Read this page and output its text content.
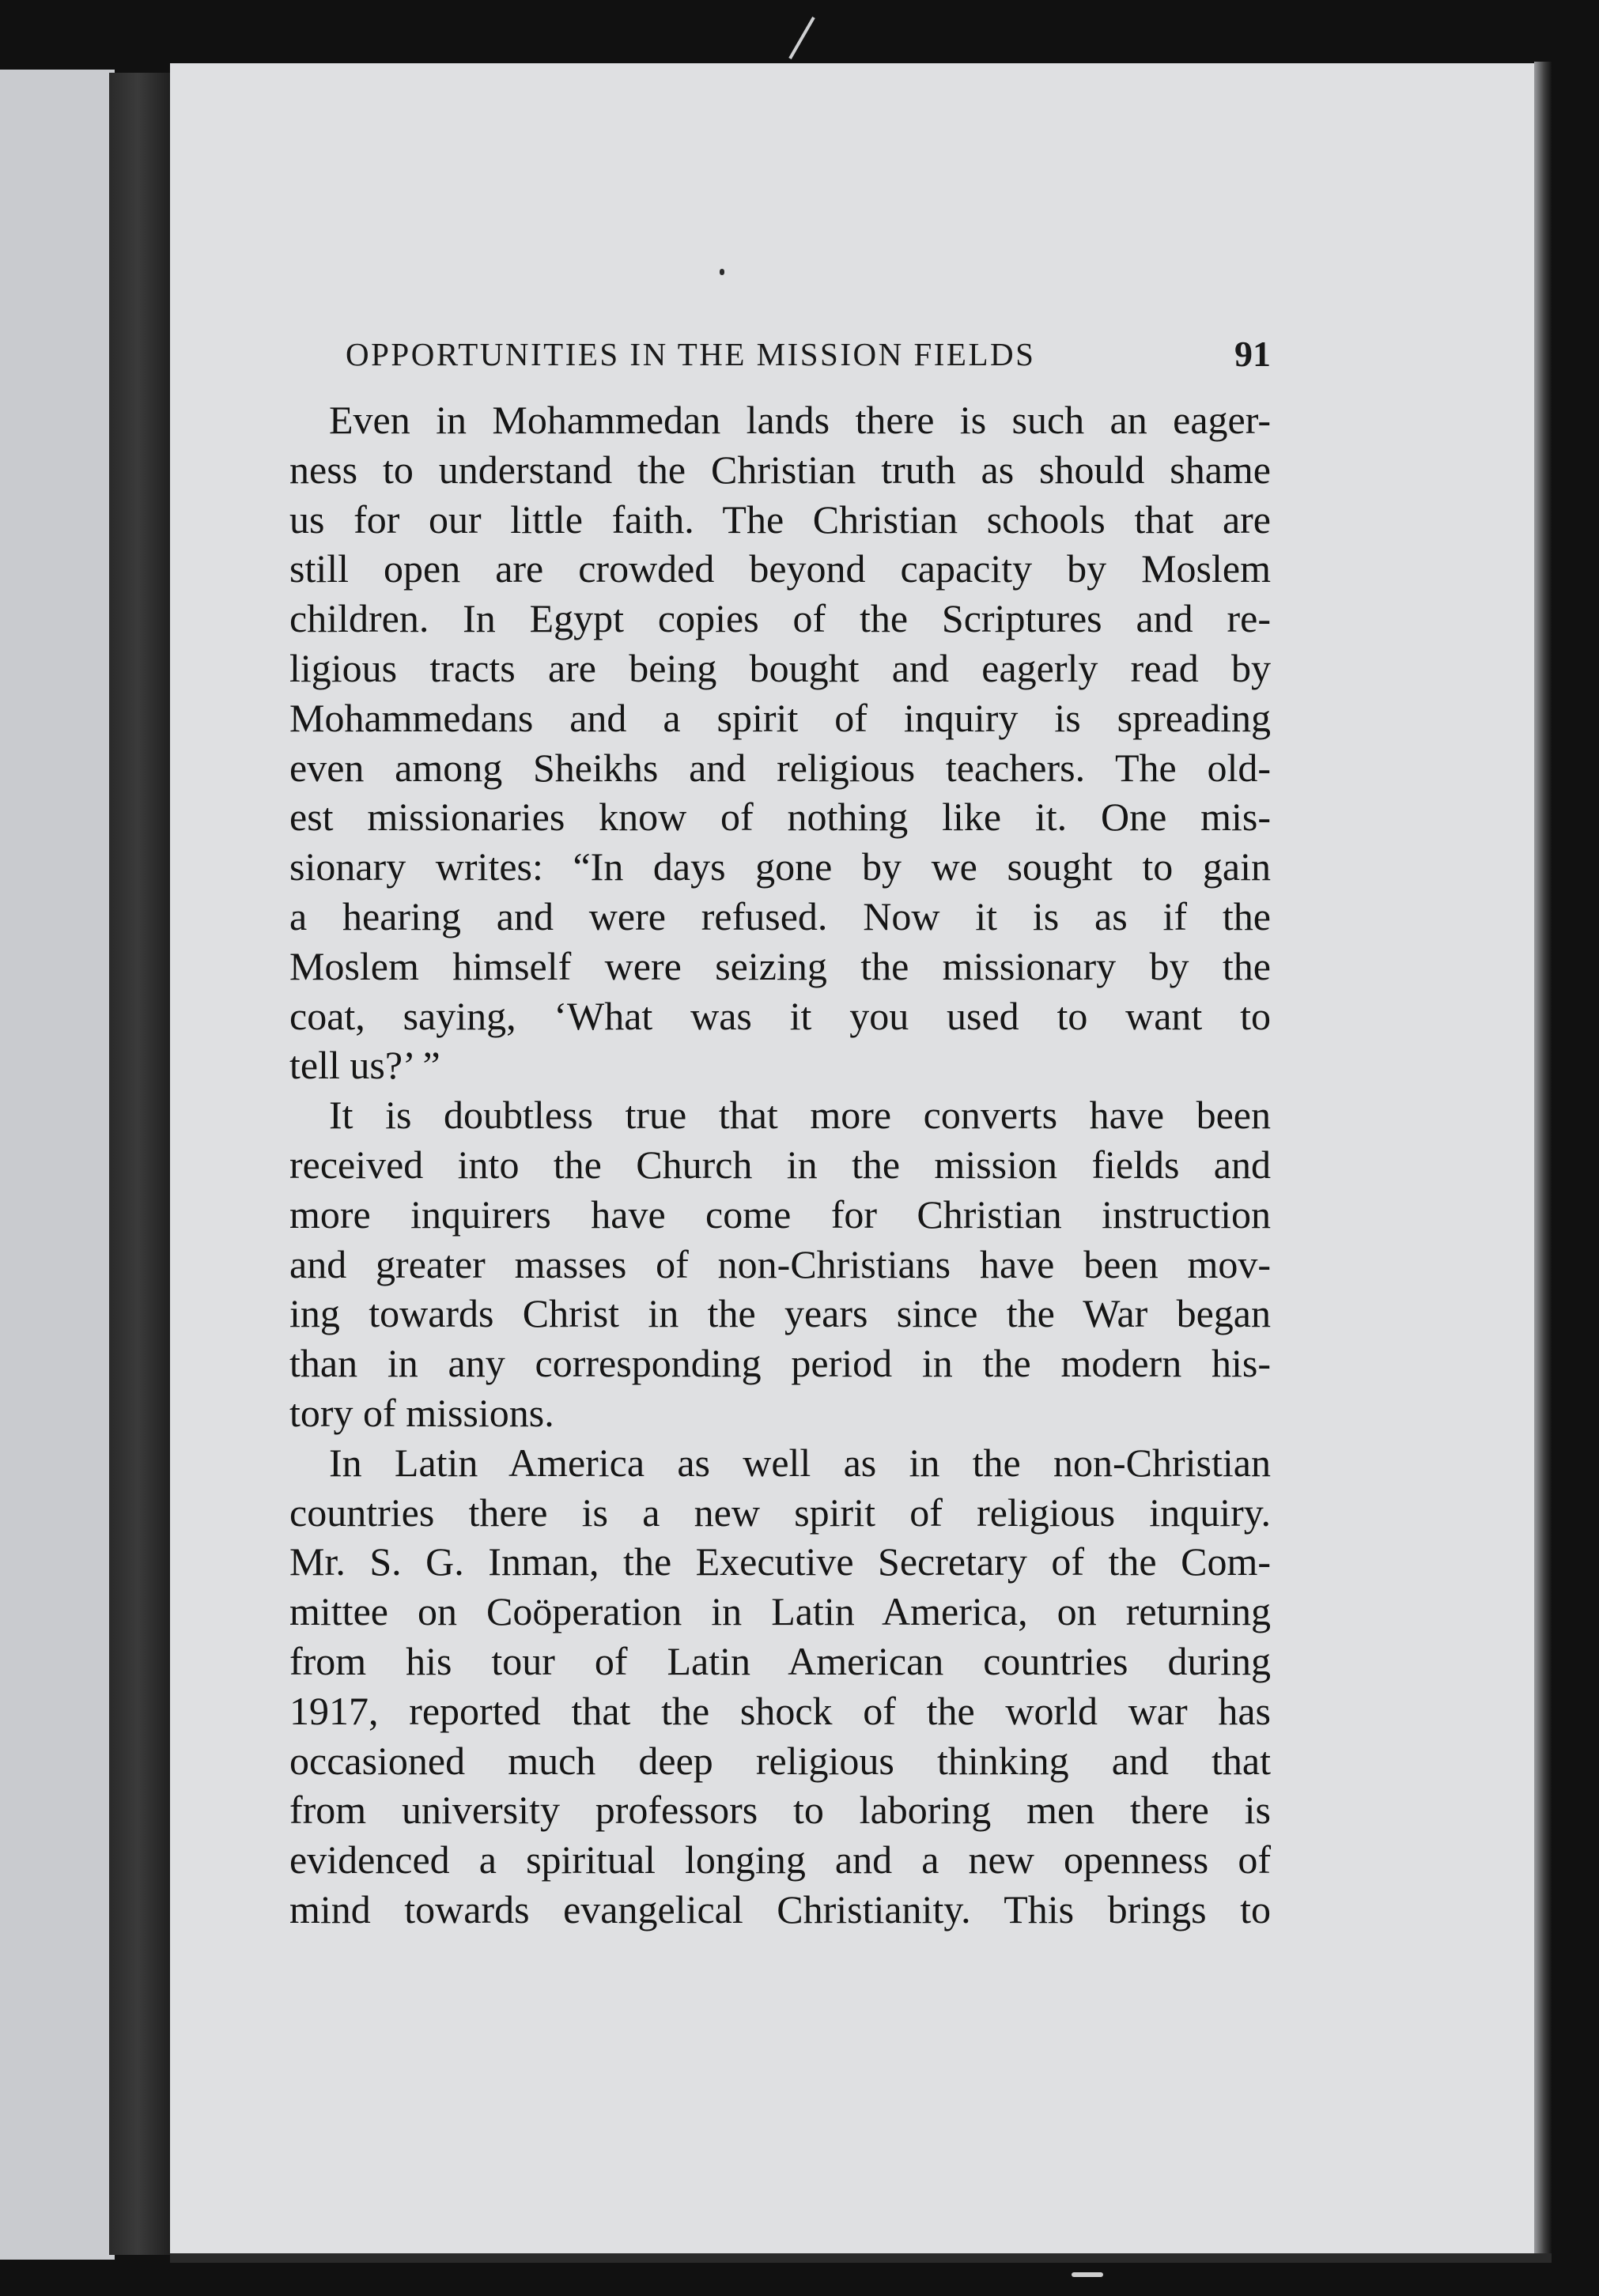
OPPORTUNITIES IN THE MISSION FIELDS	91
Even in Mohammedan lands there is such an eager-
ness to understand the Christian truth as should shame
us for our little faith. The Christian schools that are
still open are crowded beyond capacity by Moslem
children. In Egypt copies of the Scriptures and re-
ligious tracts are being bought and eagerly read by
Mohammedans and a spirit of inquiry is spreading
even among Sheikhs and religious teachers. The old-
est missionaries know of nothing like it. One mis-
sionary writes: “In days gone by we sought to gain
a hearing and were refused. Now it is as if the
Moslem himself were seizing the missionary by the
coat, saying, ‘What was it you used to want to
tell us?’ ”
It is doubtless true that more converts have been
received into the Church in the mission fields and
more inquirers have come for Christian instruction
and greater masses of non-Christians have been mov-
ing towards Christ in the years since the War began
than in any corresponding period in the modern his-
tory of missions.
In Latin America as well as in the non-Christian
countries there is a new spirit of religious inquiry.
Mr. S. G. Inman, the Executive Secretary of the Com-
mittee on Coöperation in Latin America, on returning
from his tour of Latin American countries during
1917, reported that the shock of the world war has
occasioned much deep religious thinking and that
from university professors to laboring men there is
evidenced a spiritual longing and a new openness of
mind towards evangelical Christianity. This brings to
